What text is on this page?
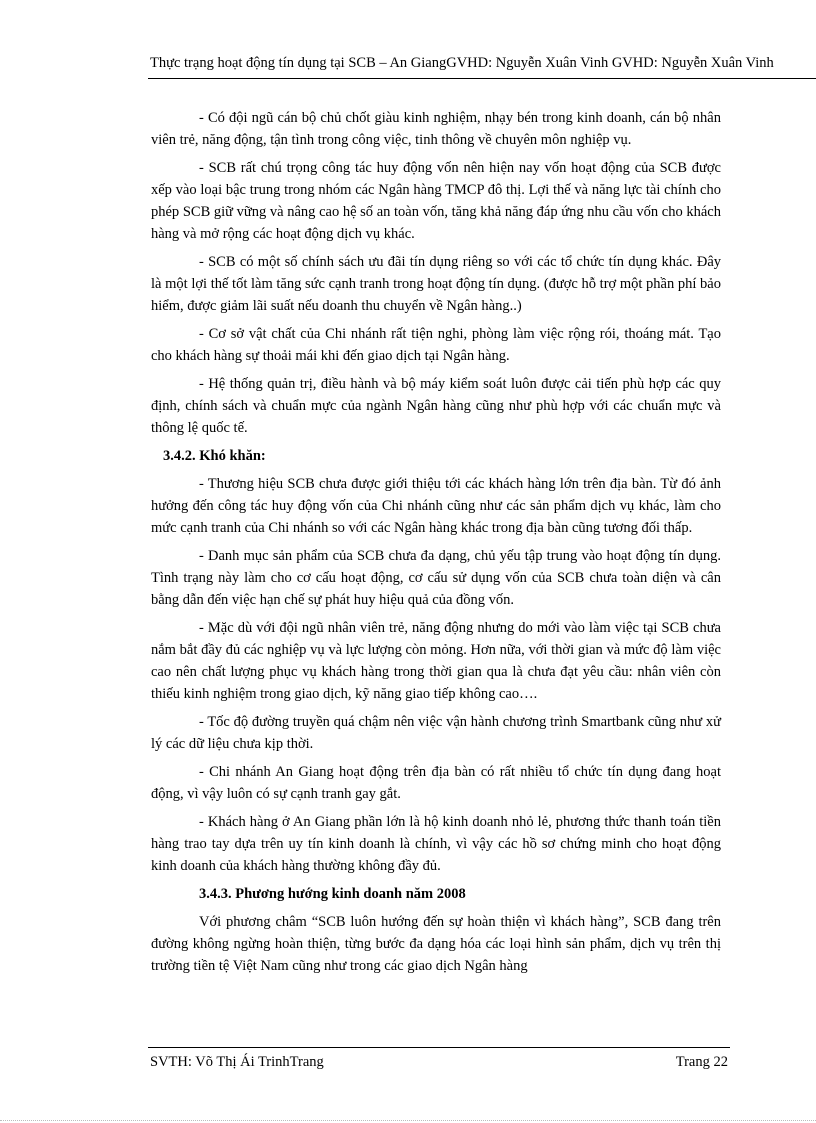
Thực trạng hoạt động tín dụng tại SCB – An GiangGVHD: Nguyễn Xuân Vinh GVHD: Nguyễn Xuân Vinh

- Có đội ngũ cán bộ chủ chốt giàu kinh nghiệm, nhạy bén trong kinh doanh, cán bộ nhân viên trẻ, năng động, tận tình trong công việc, tinh thông về chuyên môn nghiệp vụ.

- SCB rất chú trọng công tác huy động vốn nên hiện nay vốn hoạt động của SCB được xếp vào loại bậc trung trong nhóm các Ngân hàng TMCP đô thị. Lợi thế và năng lực tài chính cho phép SCB giữ vững và nâng cao hệ số an toàn vốn, tăng khả năng đáp ứng nhu cầu vốn cho khách hàng và mở rộng các hoạt động dịch vụ khác.

- SCB có một số chính sách ưu đãi tín dụng riêng so với các tổ chức tín dụng khác. Đây là một lợi thế tốt làm tăng sức cạnh tranh trong hoạt động tín dụng. (được hỗ trợ một phần phí bảo hiểm, được giảm lãi suất nếu doanh thu chuyển về Ngân hàng..)

- Cơ sở vật chất của Chi nhánh rất tiện nghi, phòng làm việc rộng rói, thoáng mát. Tạo cho khách hàng sự thoải mái khi đến giao dịch tại Ngân hàng.

- Hệ thống quản trị, điều hành và bộ máy kiểm soát luôn được cải tiến phù hợp các quy định, chính sách và chuẩn mực của ngành Ngân hàng cũng như phù hợp với các chuẩn mực và thông lệ quốc tế.

3.4.2. Khó khăn:

- Thương hiệu SCB chưa được giới thiệu tới các khách hàng lớn trên địa bàn. Từ đó ảnh hưởng đến công tác huy động vốn của Chi nhánh cũng như các sản phẩm dịch vụ khác, làm cho mức cạnh tranh của Chi nhánh so với các Ngân hàng khác trong địa bàn cũng tương đối thấp.

- Danh mục sản phẩm của SCB chưa đa dạng, chủ yếu tập trung vào hoạt động tín dụng. Tình trạng này làm cho cơ cấu hoạt động, cơ cấu sử dụng vốn của SCB chưa toàn diện và cân bằng dẫn đến việc hạn chế sự phát huy hiệu quả của đồng vốn.

- Mặc dù với đội ngũ nhân viên trẻ, năng động nhưng do mới vào làm việc tại SCB chưa nắm bắt đầy đủ các nghiệp vụ và lực lượng còn mỏng. Hơn nữa, với thời gian và mức độ làm việc cao nên chất lượng phục vụ khách hàng trong thời gian qua là chưa đạt yêu cầu: nhân viên còn thiếu kinh nghiệm trong giao dịch, kỹ năng giao tiếp không cao….

- Tốc độ đường truyền quá chậm nên việc vận hành chương trình Smartbank cũng như xử lý các dữ liệu chưa kịp thời.

- Chi nhánh An Giang hoạt động trên địa bàn có rất nhiều tổ chức tín dụng đang hoạt động, vì vậy luôn có sự cạnh tranh gay gắt.

- Khách hàng ở An Giang phần lớn là hộ kinh doanh nhỏ lẻ, phương thức thanh toán tiền hàng trao tay dựa trên uy tín kinh doanh là chính, vì vậy các hồ sơ chứng minh cho hoạt động kinh doanh của khách hàng thường không đầy đủ.

3.4.3. Phương hướng kinh doanh năm 2008

Với phương châm “SCB luôn hướng đến sự hoàn thiện vì khách hàng”, SCB đang trên đường không ngừng hoàn thiện, từng bước đa dạng hóa các loại hình sản phẩm, dịch vụ trên thị trường tiền tệ Việt Nam cũng như trong các giao dịch Ngân hàng

SVTH: Võ Thị Ái TrinhTrang	Trang 22
